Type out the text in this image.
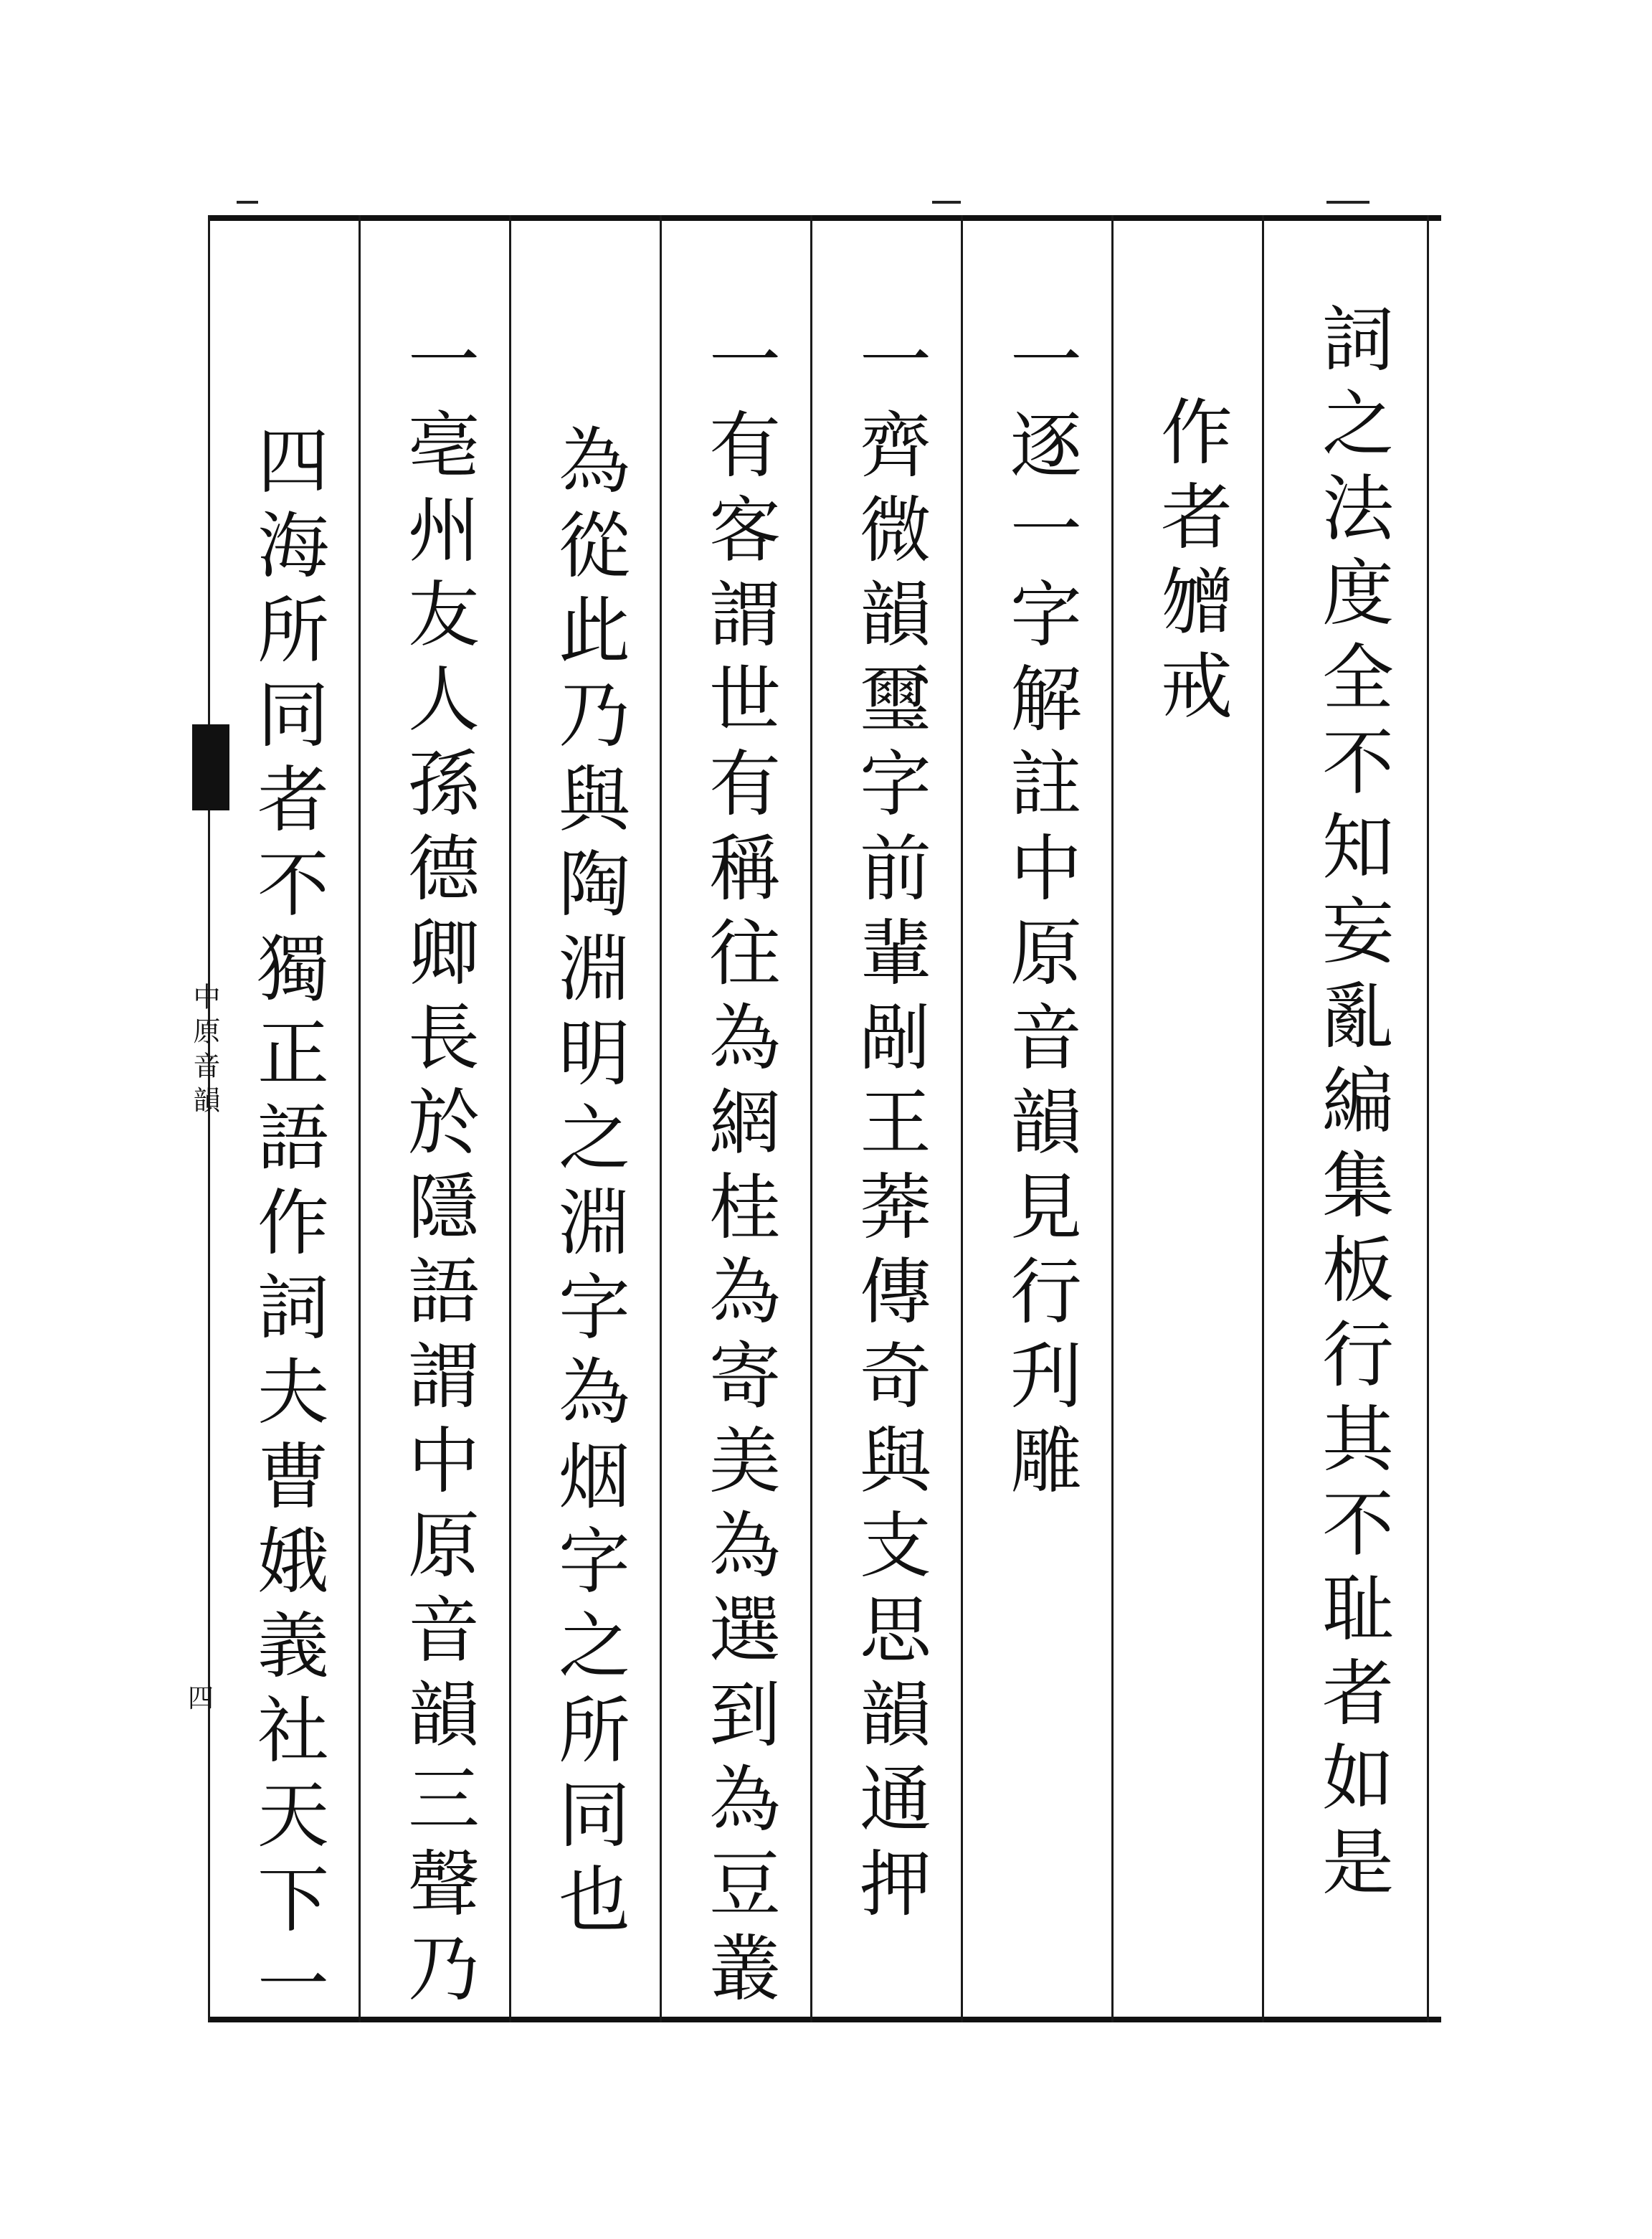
詞之法度全不知妄亂編集板行其不耻者如是
作者㬟戒
一逐一字解註中原音韻見行刋雕
一齊微韻璽字前輩剮王莾傳奇與支思韻通押
一有客謂世有稱往為網桂為寄美為選到為豆叢
為從此乃與陶淵明之淵字為烟字之所同也
一亳州友人孫德卿長於隱語謂中原音韻三聲乃
四海所同者不獨正語作詞夫曹娥義社天下一
中原音韻
四
